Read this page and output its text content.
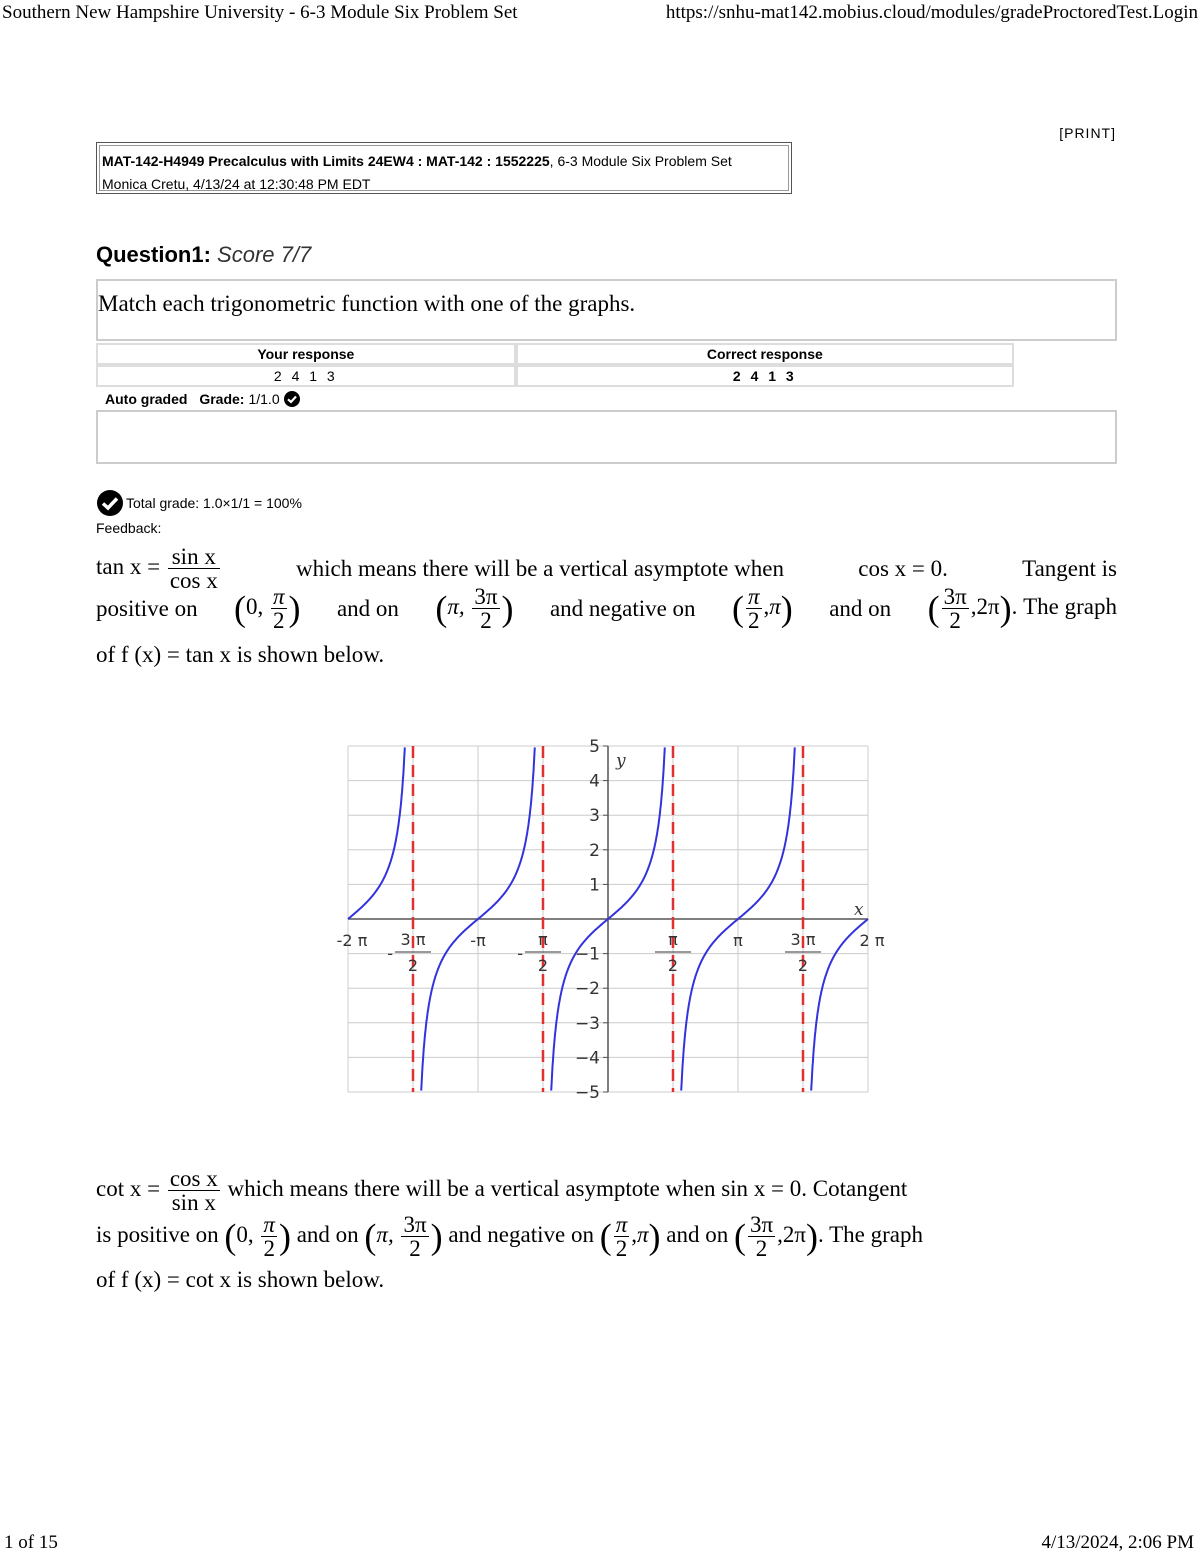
Southern New Hampshire University - 6-3 Module Six Problem Set	https://snhu-mat142.mobius.cloud/modules/gradeProctoredTest.Login
[PRINT]
MAT-142-H4949 Precalculus with Limits 24EW4 : MAT-142 : 1552225, 6-3 Module Six Problem Set
Monica Cretu, 4/13/24 at 12:30:48 PM EDT
Question1: Score 7/7
Match each trigonometric function with one of the graphs.
Your response	Correct response
2 4 1 3	2 4 1 3
Auto graded
Grade: 1/1.0
Total grade: 1.0×1/1 = 100%
Feedback:
$\tan x = \frac{\text{sin x}}{\text{cos x}}$	which means there will be a vertical asymptote when	cos x = 0.	Tangent is
positive on (0, $\frac{\pi}{2}$ ) and on (π, $\frac{3\pi}{2}$ ) and negative on ( $\frac{\pi}{2} ,\pi$) and on ( $\frac{3\pi}{2} ,2\pi$). The graph
of f (x) = tan x is shown below.
5
4
3
2
1
−1
−2
−3
−4
−5
-2 π 3 π
2
-
-π	π
2
-
π
2
π	3 π
2
2 π
x
y
$\cot x = \frac{\text{cos x}}{\text{sin x}}$ which means there will be a vertical asymptote when sin x = 0. Cotangent
is positive on (0, $\frac{\pi}{2}$ ) and on (π, $\frac{3\pi}{2}$ ) and negative on ( $\frac{\pi}{2} ,\pi$) and on ( $\frac{3\pi}{2} ,2\pi$). The graph
of f (x) = cot x is shown below.
1 of 15	4/13/2024, 2:06 PM
